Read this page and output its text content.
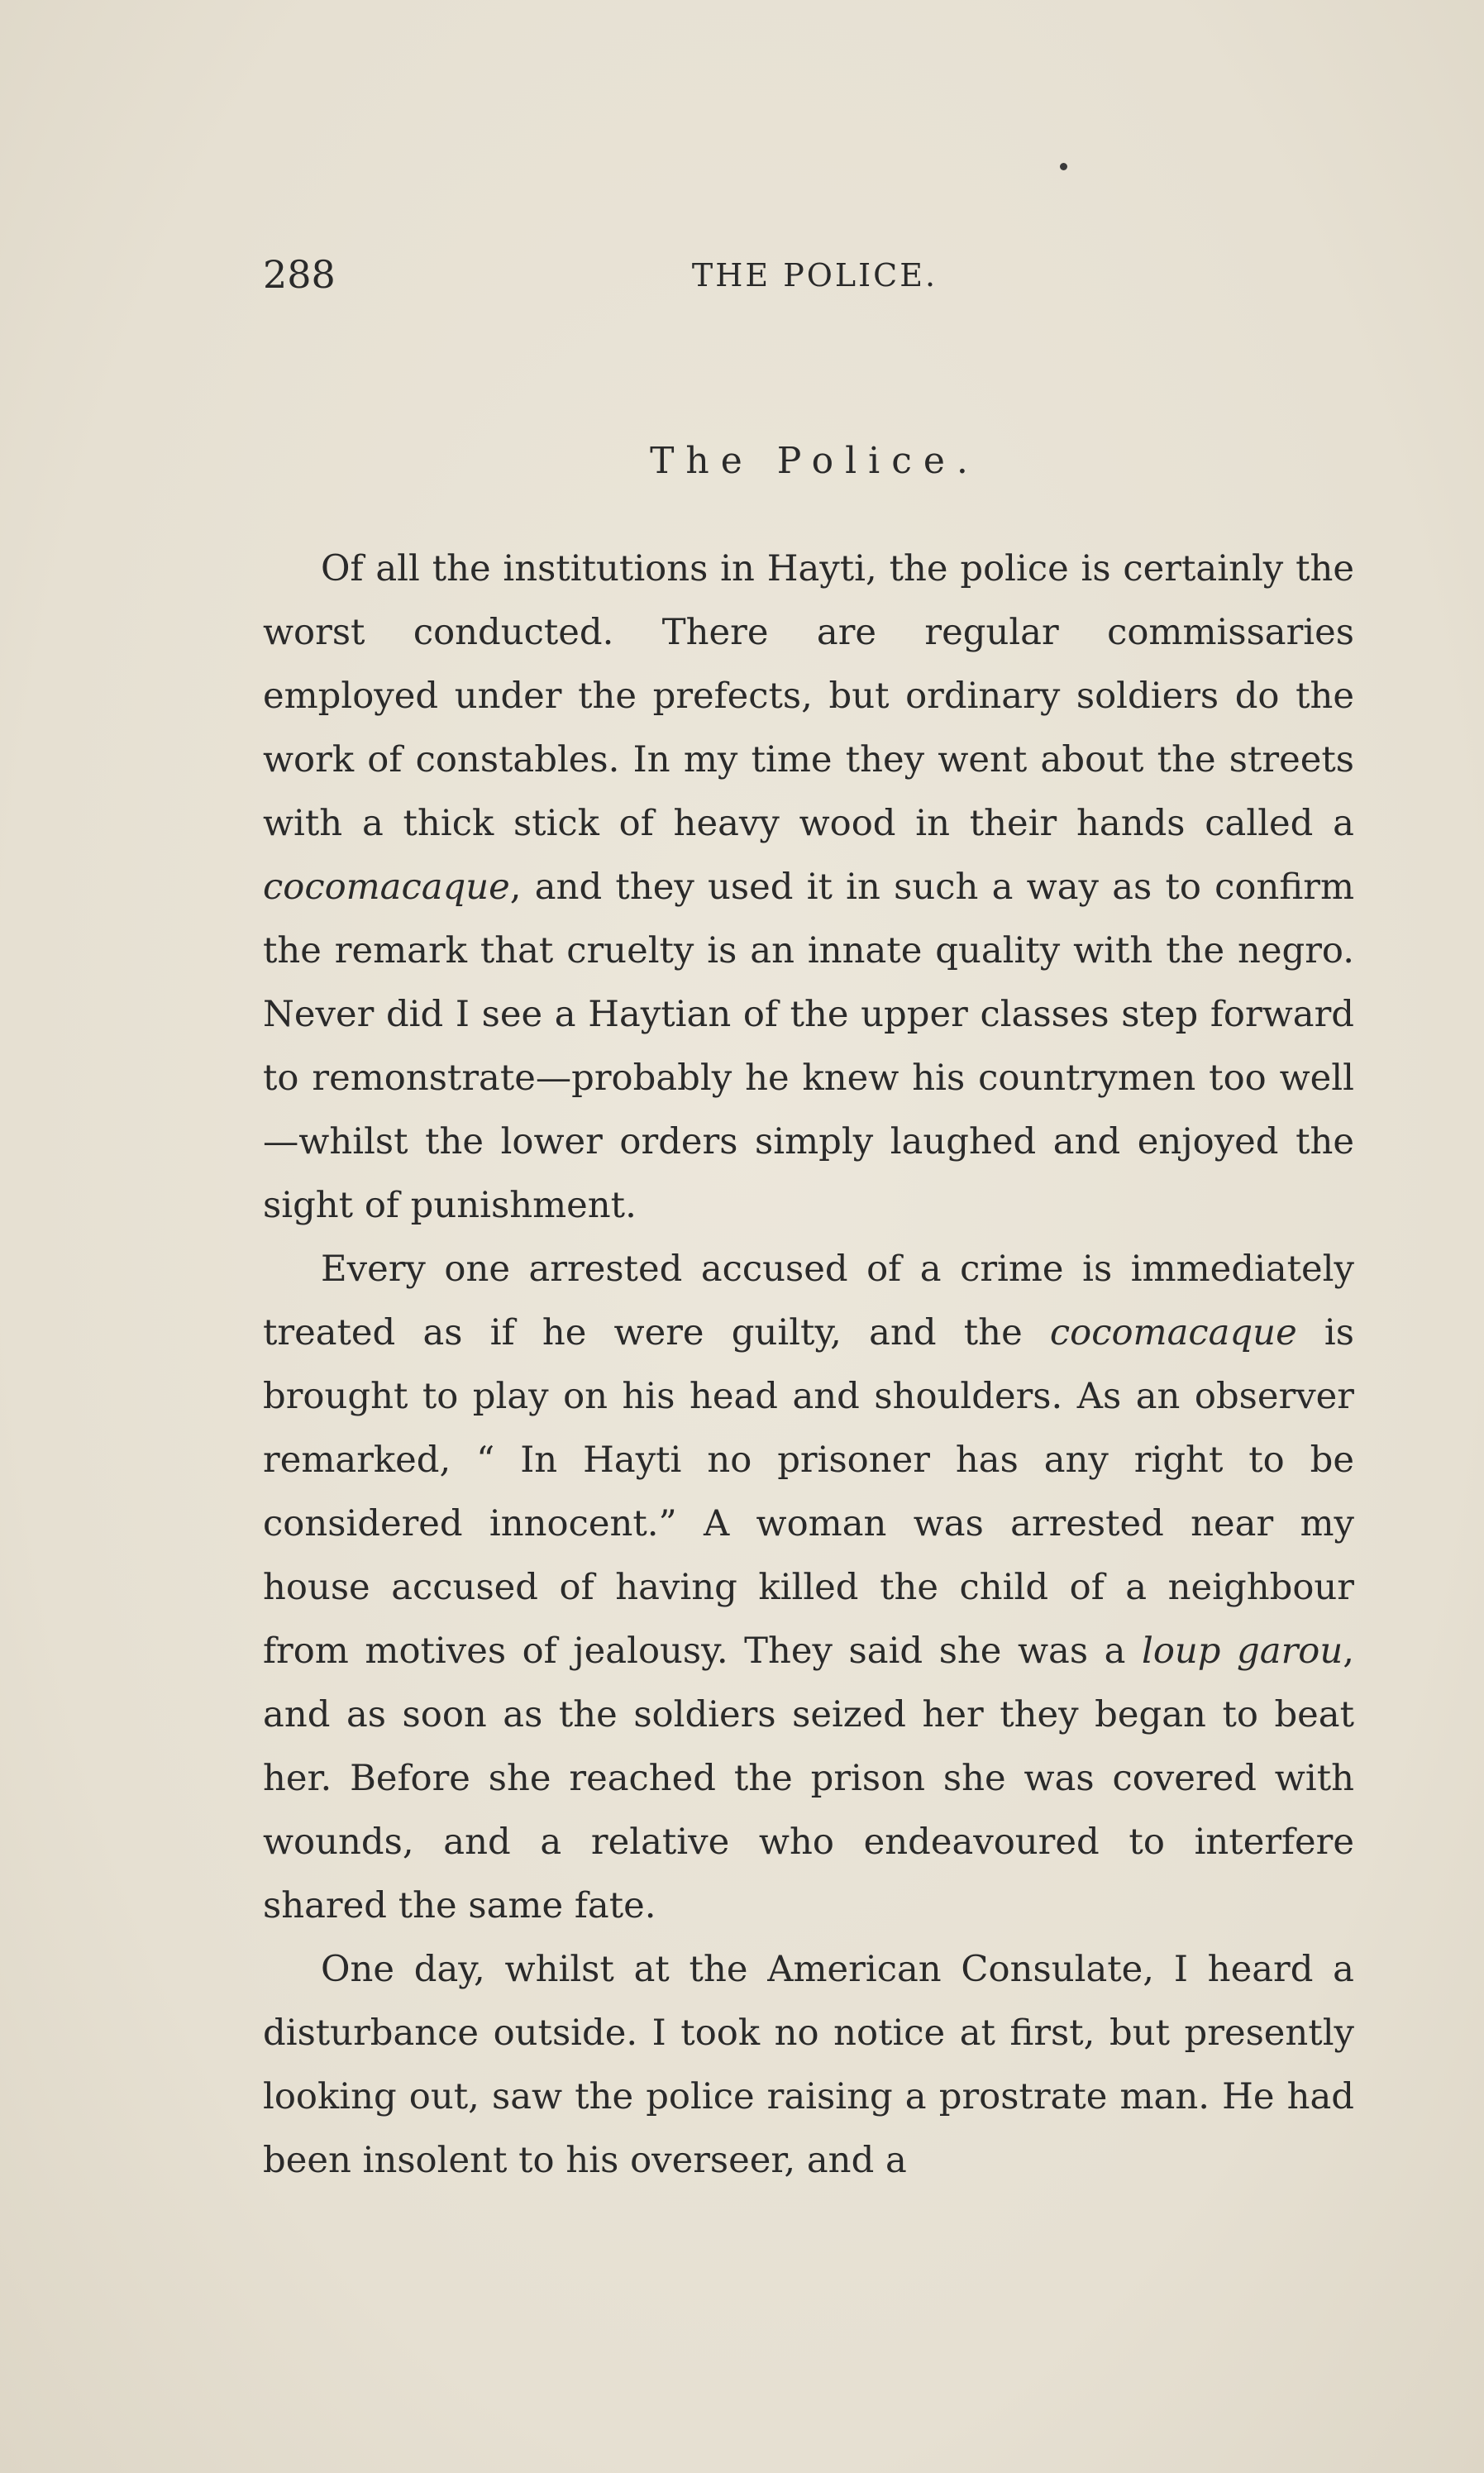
288	THE POLICE.
The Police.

Of all the institutions in Hayti, the police is certainly the worst conducted. There are regular commissaries employed under the prefects, but ordinary soldiers do the work of constables. In my time they went about the streets with a thick stick of heavy wood in their hands called a cocomacaque, and they used it in such a way as to confirm the remark that cruelty is an innate quality with the negro. Never did I see a Haytian of the upper classes step forward to remonstrate—probably he knew his countrymen too well—whilst the lower orders simply laughed and enjoyed the sight of punishment.

Every one arrested accused of a crime is immediately treated as if he were guilty, and the cocomacaque is brought to play on his head and shoulders. As an observer remarked, “ In Hayti no prisoner has any right to be considered innocent.” A woman was arrested near my house accused of having killed the child of a neighbour from motives of jealousy. They said she was a loup garou, and as soon as the soldiers seized her they began to beat her. Before she reached the prison she was covered with wounds, and a relative who endeavoured to interfere shared the same fate.

One day, whilst at the American Consulate, I heard a disturbance outside. I took no notice at first, but presently looking out, saw the police raising a prostrate man. He had been insolent to his overseer, and a
